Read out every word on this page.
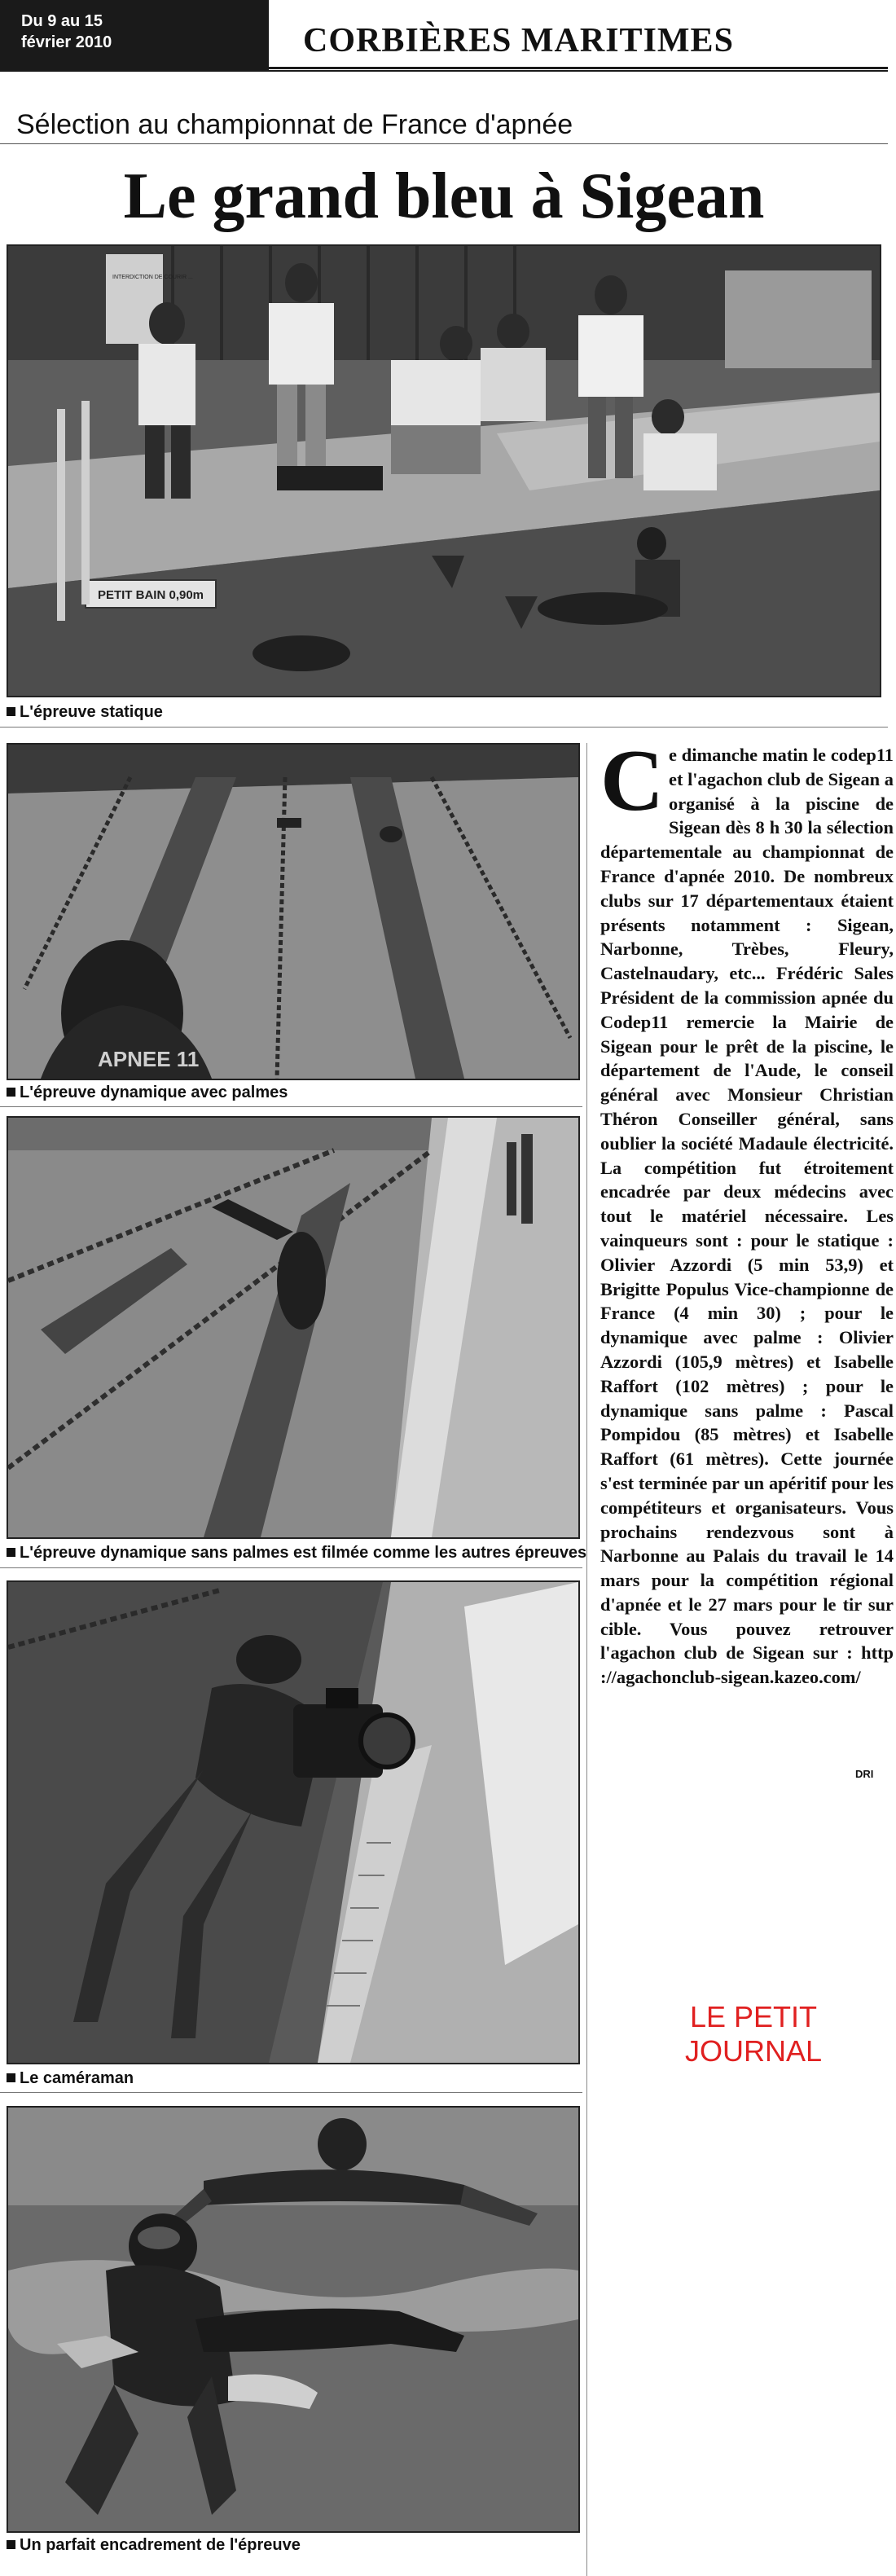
Du 9 au 15
février 2010	CORBIÈRES MARITIMES
Sélection au championnat de France d'apnée
Le grand bleu à Sigean
PETIT BAIN 0,90m
INTERDICTION DE COURIR ...
L'épreuve statique
APNEE 11
L'épreuve dynamique avec palmes
L'épreuve dynamique sans palmes est filmée comme les autres épreuves
Le caméraman
Un parfait encadrement de l'épreuve
Ce dimanche matin le codep11 et l'agachon club de Sigean a organisé à la piscine de Sigean dès 8 h 30 la sélection départementale au championnat de France d'apnée 2010. De nombreux clubs sur 17 départementaux étaient présents notamment : Sigean, Narbonne, Trèbes, Fleury, Castelnaudary, etc... Frédéric Sales Président de la commission apnée du Codep11 remercie la Mairie de Sigean pour le prêt de la piscine, le département de l'Aude, le conseil général avec Monsieur Christian Théron Conseiller général, sans oublier la société Madaule électricité. La compétition fut étroitement encadrée par deux médecins avec tout le matériel nécessaire. Les vainqueurs sont : pour le statique : Olivier Azzordi (5 min 53,9) et Brigitte Populus Vice-championne de France (4 min 30) ; pour le dynamique avec palme : Olivier Azzordi (105,9 mètres) et Isabelle Raffort (102 mètres) ; pour le dynamique sans palme : Pascal Pompidou (85 mètres) et Isabelle Raffort (61 mètres). Cette journée s'est terminée par un apéritif pour les compétiteurs et organisateurs. Vous prochains rendezvous sont à Narbonne au Palais du travail le 14 mars pour la compétition régional d'apnée et le 27 mars pour le tir sur cible. Vous pouvez retrouver l'agachon club de Sigean sur : http ://agachonclub-sigean.kazeo.com/
DRI
LE PETIT
JOURNAL
